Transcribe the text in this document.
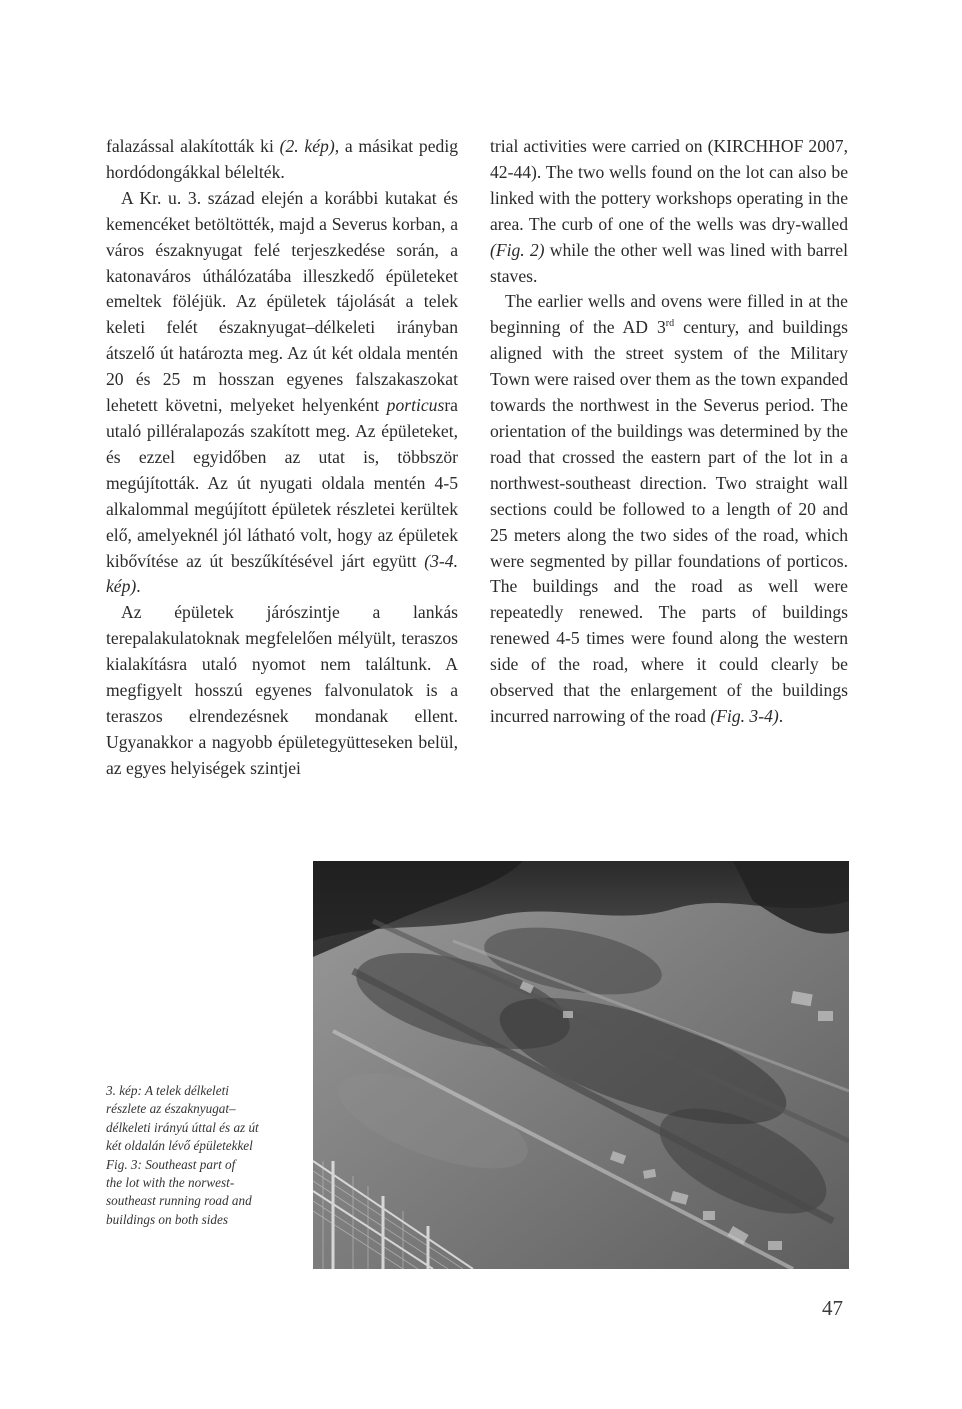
falazással alakították ki (2. kép), a másikat pedig hordódongákkal bélelték.

A Kr. u. 3. század elején a korábbi kutakat és kemencéket betöltötték, majd a Severus korban, a város északnyugat felé terjeszkedése során, a katonaváros úthálózatába illeszkedő épületeket emeltek föléjük. Az épületek tájolását a telek keleti felét északnyugat–délkeleti irányban átszelő út határozta meg. Az út két oldala mentén 20 és 25 m hosszan egyenes falszakaszokat lehetett követni, melyeket helyenként porticusra utaló pilléralapozás szakított meg. Az épületeket, és ezzel egyidőben az utat is, többször megújították. Az út nyugati oldala mentén 4-5 alkalommal megújított épületek részletei kerültek elő, amelyeknél jól látható volt, hogy az épületek kibővítése az út beszűkítésével járt együtt (3-4. kép).

Az épületek járószintje a lankás terepalakulatoknak megfelelően mélyült, teraszos kialakításra utaló nyomot nem találtunk. A megfigyelt hosszú egyenes falvonulatok is a teraszos elrendezésnek mondanak ellent. Ugyanakkor a nagyobb épületegyütteseken belül, az egyes helyiségek szintjei

trial activities were carried on (KIRCHHOF 2007, 42-44). The two wells found on the lot can also be linked with the pottery workshops operating in the area. The curb of one of the wells was dry-walled (Fig. 2) while the other well was lined with barrel staves.

The earlier wells and ovens were filled in at the beginning of the AD 3rd century, and buildings aligned with the street system of the Military Town were raised over them as the town expanded towards the northwest in the Severus period. The orientation of the buildings was determined by the road that crossed the eastern part of the lot in a northwest-southeast direction. Two straight wall sections could be followed to a length of 20 and 25 meters along the two sides of the road, which were segmented by pillar foundations of porticos. The buildings and the road as well were repeatedly renewed. The parts of buildings renewed 4-5 times were found along the western side of the road, where it could clearly be observed that the enlargement of the buildings incurred narrowing of the road (Fig. 3-4).

3. kép: A telek délkeleti
részlete az északnyugat–
délkeleti irányú úttal és az út
két oldalán lévő épületekkel
Fig. 3: Southeast part of
the lot with the norwest-
southeast running road and
buildings on both sides
47
